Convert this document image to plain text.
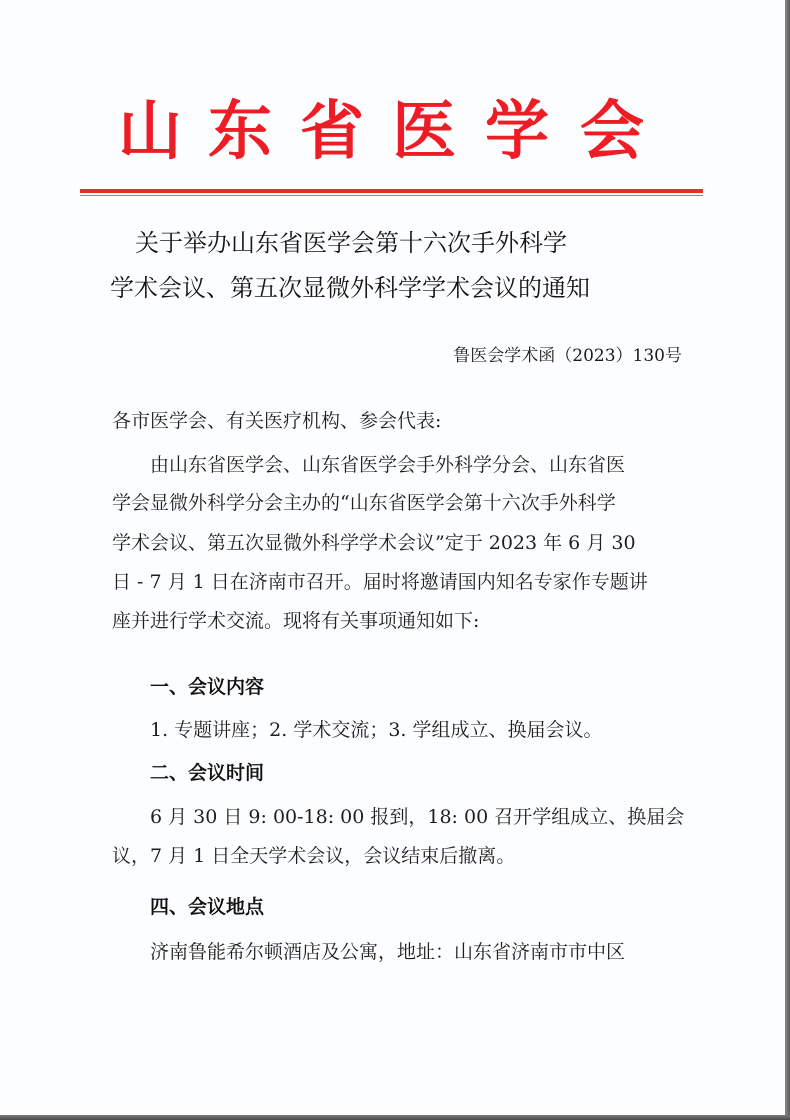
山 东 省 医 学 会
关于举办山东省医学会第十六次手外科学
学术会议、第五次显微外科学学术会议的通知
鲁医会学术函（2023）130号
各市医学会、有关医疗机构、参会代表:
由山东省医学会、山东省医学会手外科学分会、山东省医
学会显微外科学分会主办的“山东省医学会第十六次手外科学
学术会议、第五次显微外科学学术会议”定于 2023 年 6 月 30
日 - 7 月 1 日在济南市召开。届时将邀请国内知名专家作专题讲
座并进行学术交流。现将有关事项通知如下:
一、会议内容
1. 专题讲座；2. 学术交流；3. 学组成立、换届会议。
二、会议时间
6 月 30 日 9: 00-18: 00 报到，18: 00 召开学组成立、换届会
议，7 月 1 日全天学术会议，会议结束后撤离。
四、会议地点
济南鲁能希尔顿酒店及公寓，地址：山东省济南市市中区
